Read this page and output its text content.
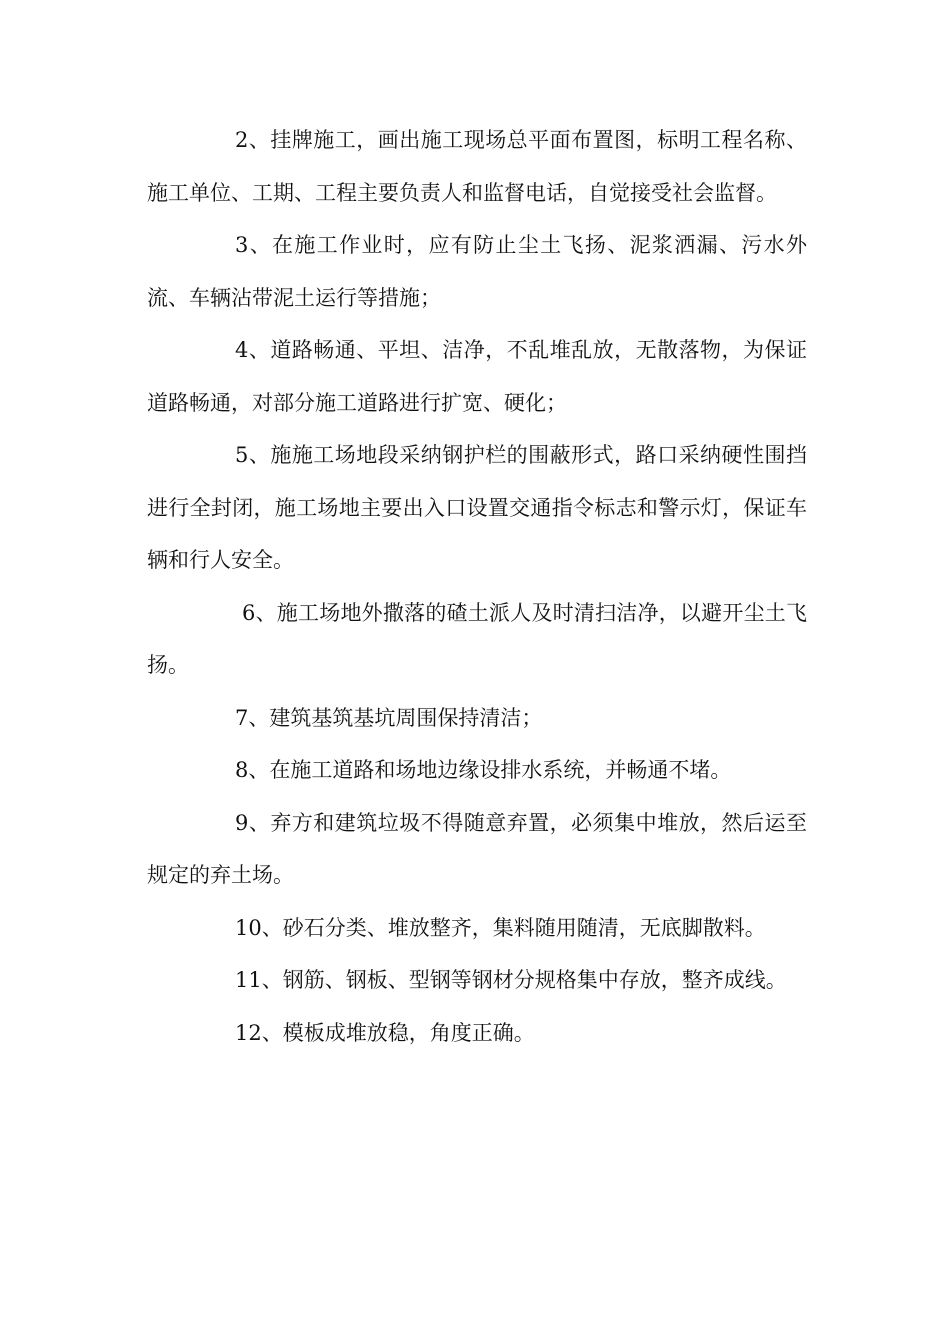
2、挂牌施工，画出施工现场总平面布置图，标明工程名称、施工单位、工期、工程主要负责人和监督电话，自觉接受社会监督。

3、在施工作业时，应有防止尘土飞扬、泥浆洒漏、污水外流、车辆沾带泥土运行等措施；

4、道路畅通、平坦、洁净，不乱堆乱放，无散落物，为保证道路畅通，对部分施工道路进行扩宽、硬化；

5、施施工场地段采纳钢护栏的围蔽形式，路口采纳硬性围挡进行全封闭，施工场地主要出入口设置交通指令标志和警示灯，保证车辆和行人安全。

6、施工场地外撒落的碴土派人及时清扫洁净，以避开尘土飞扬。

7、建筑基筑基坑周围保持清洁；

8、在施工道路和场地边缘设排水系统，并畅通不堵。

9、弃方和建筑垃圾不得随意弃置，必须集中堆放，然后运至规定的弃土场。

10、砂石分类、堆放整齐，集料随用随清，无底脚散料。

11、钢筋、钢板、型钢等钢材分规格集中存放，整齐成线。

12、模板成堆放稳，角度正确。
